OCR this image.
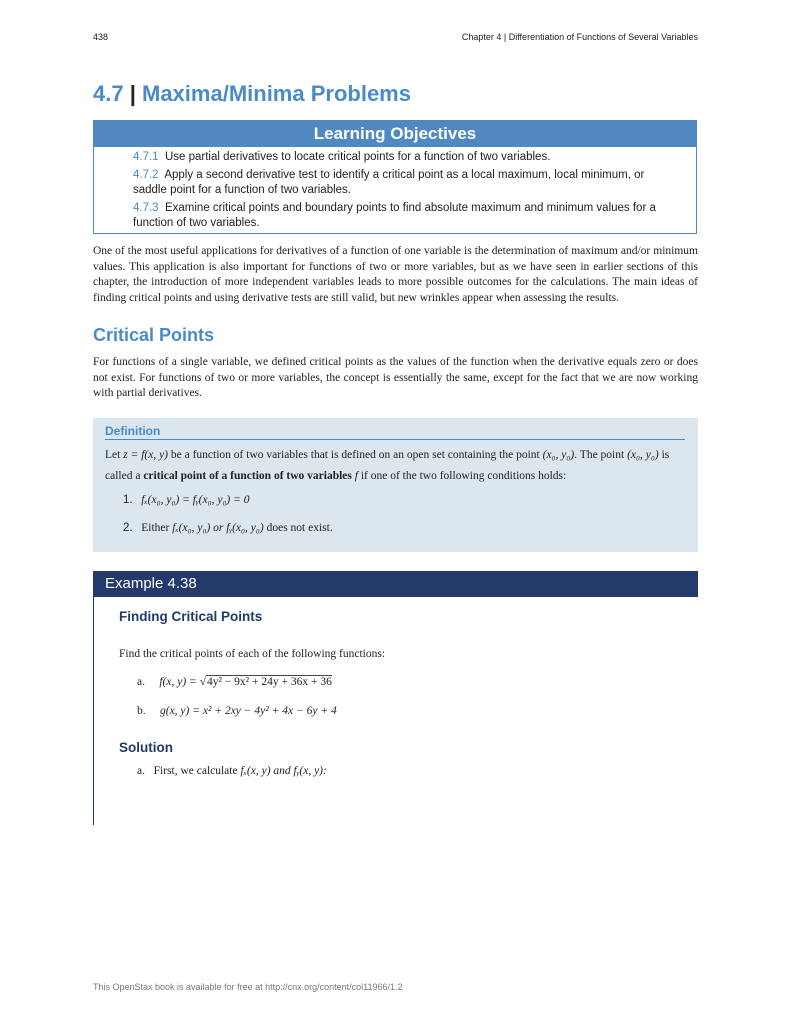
438	Chapter 4 | Differentiation of Functions of Several Variables
4.7 | Maxima/Minima Problems
Learning Objectives
4.7.1 Use partial derivatives to locate critical points for a function of two variables.
4.7.2 Apply a second derivative test to identify a critical point as a local maximum, local minimum, or saddle point for a function of two variables.
4.7.3 Examine critical points and boundary points to find absolute maximum and minimum values for a function of two variables.
One of the most useful applications for derivatives of a function of one variable is the determination of maximum and/or minimum values. This application is also important for functions of two or more variables, but as we have seen in earlier sections of this chapter, the introduction of more independent variables leads to more possible outcomes for the calculations. The main ideas of finding critical points and using derivative tests are still valid, but new wrinkles appear when assessing the results.
Critical Points
For functions of a single variable, we defined critical points as the values of the function when the derivative equals zero or does not exist. For functions of two or more variables, the concept is essentially the same, except for the fact that we are now working with partial derivatives.
Definition
Let z = f(x, y) be a function of two variables that is defined on an open set containing the point (x₀, y₀). The point (x₀, y₀) is called a critical point of a function of two variables f if one of the two following conditions holds:
1. fₓ(x₀, y₀) = fᵧ(x₀, y₀) = 0
2. Either fₓ(x₀, y₀) or fᵧ(x₀, y₀) does not exist.
Example 4.38
Finding Critical Points
Find the critical points of each of the following functions:
a. f(x, y) = √4y² − 9x² + 24y + 36x + 36
b. g(x, y) = x² + 2xy − 4y² + 4x − 6y + 4
Solution
a. First, we calculate fₓ(x, y) and fᵧ(x, y):
This OpenStax book is available for free at http://cnx.org/content/col11966/1.2
